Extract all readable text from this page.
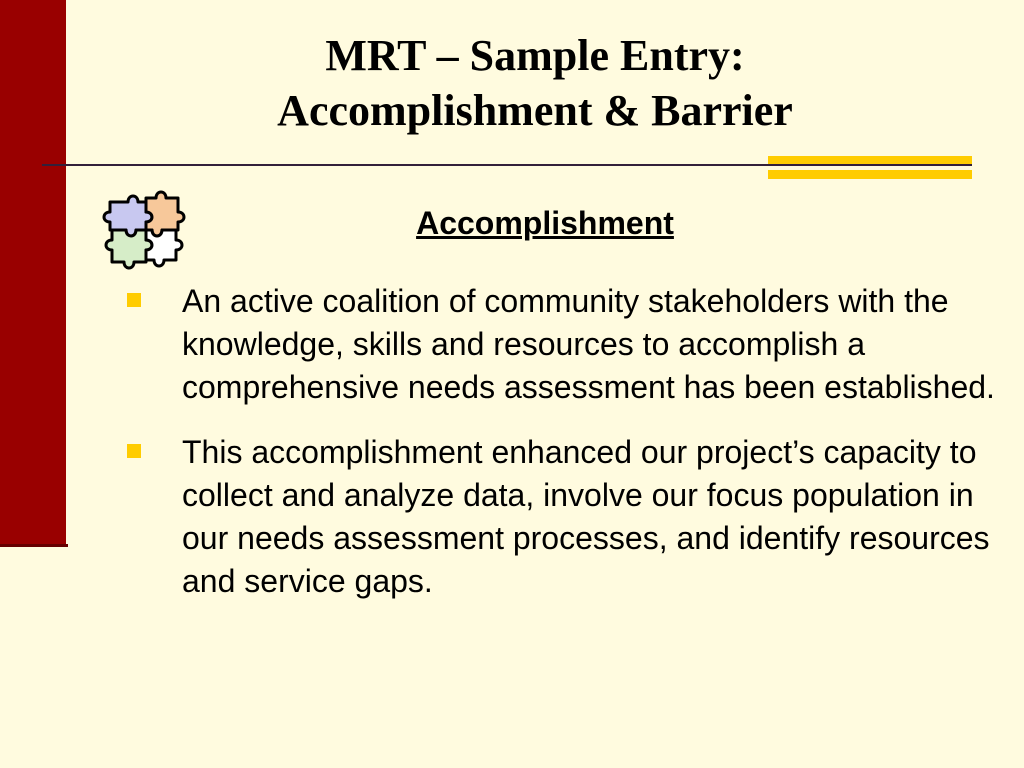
MRT – Sample Entry:
Accomplishment & Barrier
Accomplishment
An active coalition of community stakeholders with the knowledge, skills and resources to accomplish a comprehensive needs assessment has been established.
This accomplishment enhanced our project’s capacity to collect and analyze data, involve our focus population in our needs assessment processes, and identify resources and service gaps.
